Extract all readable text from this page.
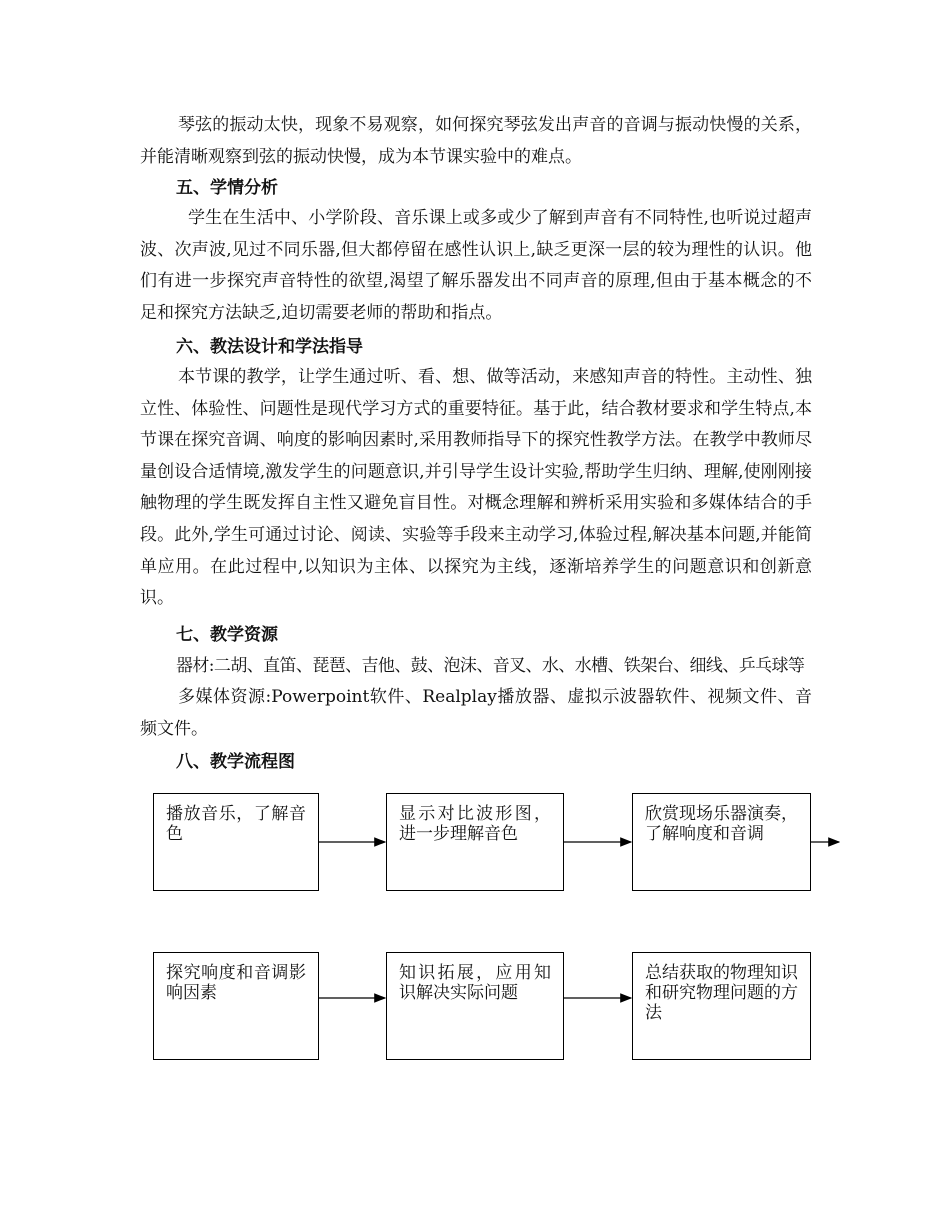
琴弦的振动太快，现象不易观察，如何探究琴弦发出声音的音调与振动快慢的关系，并能清晰观察到弦的振动快慢，成为本节课实验中的难点。

五、学情分析

学生在生活中、小学阶段、音乐课上或多或少了解到声音有不同特性,也听说过超声波、次声波,见过不同乐器,但大都停留在感性认识上,缺乏更深一层的较为理性的认识。他们有进一步探究声音特性的欲望,渴望了解乐器发出不同声音的原理,但由于基本概念的不足和探究方法缺乏,迫切需要老师的帮助和指点。

六、教法设计和学法指导

本节课的教学，让学生通过听、看、想、做等活动，来感知声音的特性。主动性、独立性、体验性、问题性是现代学习方式的重要特征。基于此，结合教材要求和学生特点,本节课在探究音调、响度的影响因素时,采用教师指导下的探究性教学方法。在教学中教师尽量创设合适情境,激发学生的问题意识,并引导学生设计实验,帮助学生归纳、理解,使刚刚接触物理的学生既发挥自主性又避免盲目性。对概念理解和辨析采用实验和多媒体结合的手段。此外,学生可通过讨论、阅读、实验等手段来主动学习,体验过程,解决基本问题,并能简单应用。在此过程中,以知识为主体、以探究为主线，逐渐培养学生的问题意识和创新意识。

七、教学资源

器材:二胡、直笛、琵琶、吉他、鼓、泡沫、音叉、水、水槽、铁架台、细线、乒乓球等

多媒体资源:Powerpoint软件、Realplay播放器、虚拟示波器软件、视频文件、音频文件。

八、教学流程图

播放音乐，了解音色
显示对比波形图，进一步理解音色
欣赏现场乐器演奏，了解响度和音调
探究响度和音调影响因素
知识拓展，应用知识解决实际问题
总结获取的物理知识和研究物理问题的方法
